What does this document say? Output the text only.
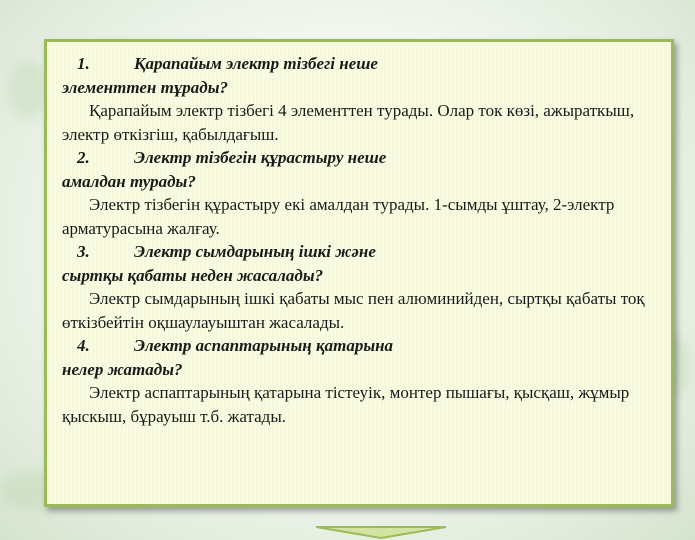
1.	Қарапайым электр тізбегі неше
элементтен тұрады?

Қарапайым электр тізбегі 4 элементтен турады. Олар ток көзі, ажыраткыш, электр өткізгіш, қабылдағыш.

2.	Электр тізбегін құрастыру неше
амалдан турады?

Электр тізбегін құрастыру екі амалдан турады. 1-сымды ұштау, 2-электр арматурасына жалғау.

3.	Электр сымдарының ішкі және
сыртқы қабаты неден жасалады?

Электр сымдарының ішкі қабаты мыс пен алюминийден, сыртқы қабаты тоқ өткізбейтін оқшаулауыштан жасалады.

4.	Электр аспаптарының қатарына
нелер жатады?

Электр аспаптарының қатарына тістеуік, монтер пышағы, қысқаш, жұмыр қыскыш, бұрауыш т.б. жатады.
